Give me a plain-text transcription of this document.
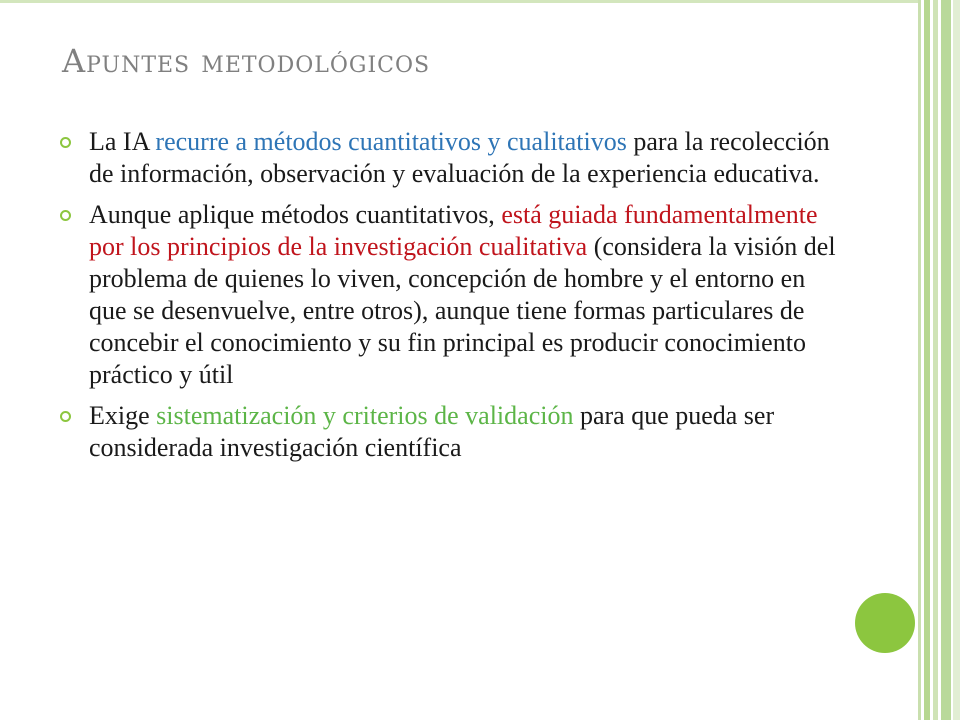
Apuntes metodológicos
La IA recurre a métodos cuantitativos y cualitativos para la recolección de información, observación y evaluación de la experiencia educativa.
Aunque aplique métodos cuantitativos, está guiada fundamentalmente por los principios de la investigación cualitativa (considera la visión del problema de quienes lo viven, concepción de hombre y el entorno en que se desenvuelve, entre otros), aunque tiene formas particulares de concebir el conocimiento y su fin principal es producir conocimiento práctico y útil
Exige sistematización y criterios de validación para que pueda ser considerada investigación científica
